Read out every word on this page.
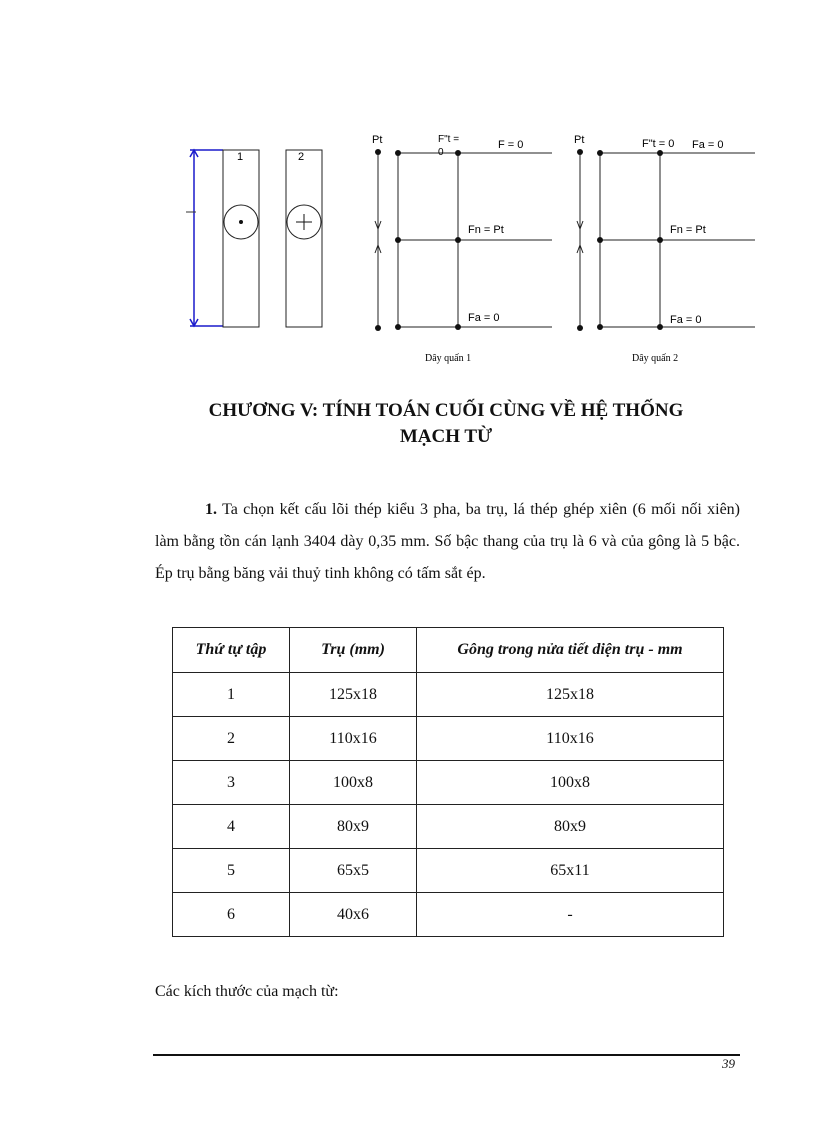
1	2
Pt	F"t =
0
F = 0
Fn = Pt
Fa = 0
Dây quấn 1
Pt	F"t = 0 Fa = 0
Fn = Pt
Fa = 0
Dây quấn 2
CHƯƠNG V: TÍNH TOÁN CUỐI CÙNG VỀ HỆ THỐNG
MẠCH TỪ
1. Ta chọn kết cấu lõi thép kiểu 3 pha, ba trụ, lá thép ghép xiên (6 mối nối xiên) làm bằng tồn cán lạnh 3404 dày 0,35 mm. Số bậc thang của trụ là 6 và của gông là 5 bậc. Ép trụ bằng băng vải thuỷ tinh không có tấm sắt ép.
Thứ tự tập	Trụ (mm)	Gông trong nửa tiết diện trụ - mm
1	125x18	125x18
2	110x16	110x16
3	100x8	100x8
4	80x9	80x9
5	65x5	65x11
6	40x6	-
Các kích thước của mạch từ:
39
